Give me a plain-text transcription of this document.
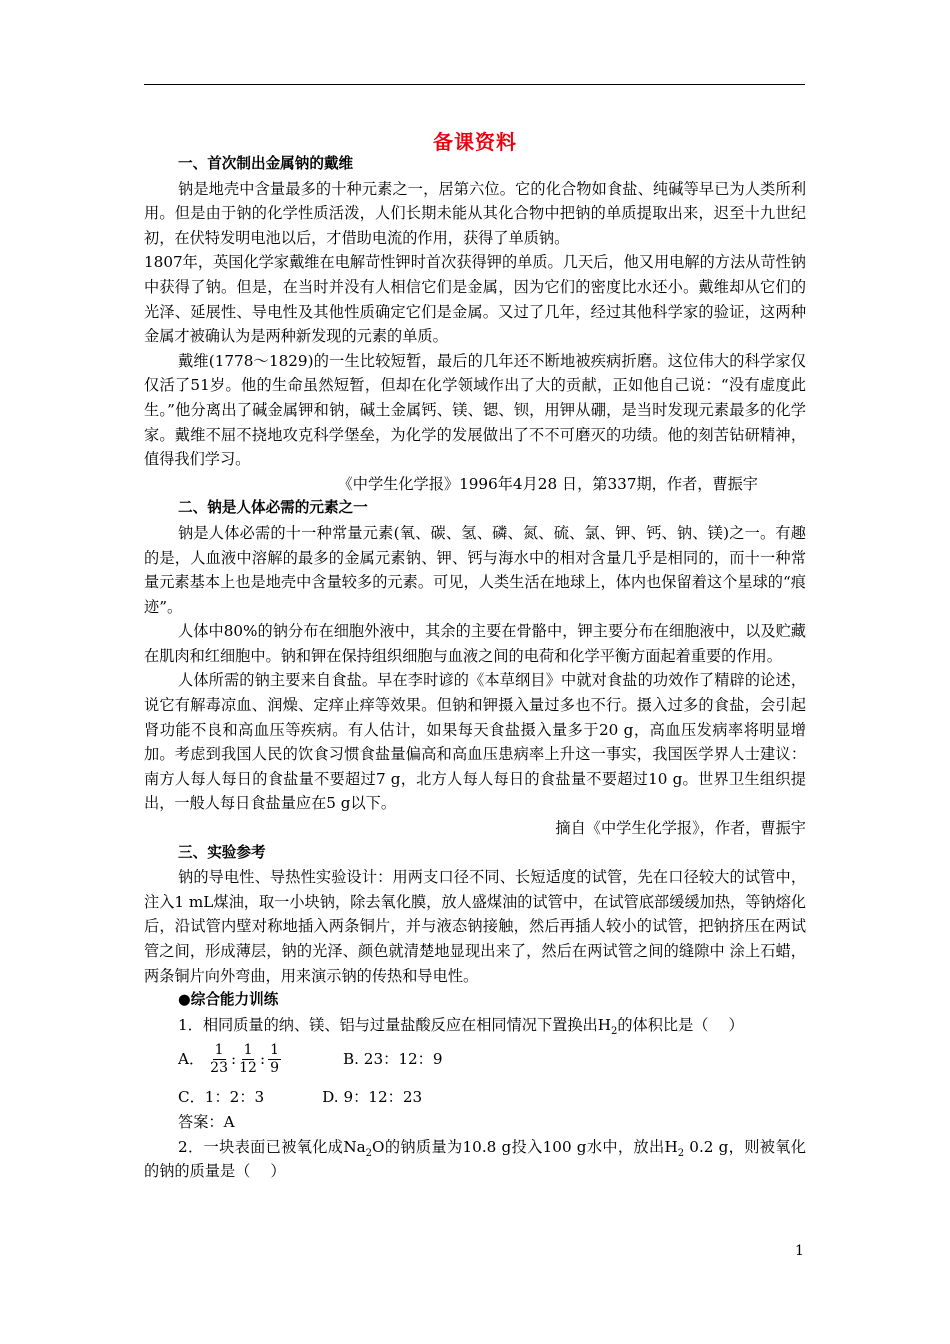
备课资料

一、首次制出金属钠的戴维

钠是地壳中含量最多的十种元素之一，居第六位。它的化合物如食盐、纯碱等早已为人类所利用。但是由于钠的化学性质活泼，人们长期未能从其化合物中把钠的单质提取出来，迟至十九世纪初，在伏特发明电池以后，才借助电流的作用，获得了单质钠。

1807年，英国化学家戴维在电解苛性钾时首次获得钾的单质。几天后，他又用电解的方法从苛性钠中获得了钠。但是，在当时并没有人相信它们是金属，因为它们的密度比水还小。戴维却从它们的光泽、延展性、导电性及其他性质确定它们是金属。又过了几年，经过其他科学家的验证，这两种金属才被确认为是两种新发现的元素的单质。

戴维(1778～1829)的一生比较短暂，最后的几年还不断地被疾病折磨。这位伟大的科学家仅仅活了51岁。他的生命虽然短暂，但却在化学领域作出了大的贡献，正如他自己说：“没有虚度此生。”他分离出了碱金属钾和钠，碱土金属钙、镁、锶、钡，用钾从硼，是当时发现元素最多的化学家。戴维不屈不挠地攻克科学堡垒，为化学的发展做出了不不可磨灭的功绩。他的刻苦钻研精神，值得我们学习。

《中学生化学报》1996年4月28 日，第337期，作者，曹振宇

二、钠是人体必需的元素之一

钠是人体必需的十一种常量元素(氧、碳、氢、磷、氮、硫、氯、钾、钙、钠、镁)之一。有趣的是，人血液中溶解的最多的金属元素钠、钾、钙与海水中的相对含量几乎是相同的，而十一种常量元素基本上也是地壳中含量较多的元素。可见，人类生活在地球上，体内也保留着这个星球的“痕迹”。

人体中80%的钠分布在细胞外液中，其余的主要在骨骼中，钾主要分布在细胞液中，以及贮藏在肌肉和红细胞中。钠和钾在保持组织细胞与血液之间的电荷和化学平衡方面起着重要的作用。

人体所需的钠主要来自食盐。早在李时谚的《本草纲目》中就对食盐的功效作了精辟的论述，说它有解毒凉血、润燥、定痒止痒等效果。但钠和钾摄入量过多也不行。摄入过多的食盐，会引起肾功能不良和高血压等疾病。有人估计，如果每天食盐摄入量多于20 g，高血压发病率将明显增加。考虑到我国人民的饮食习惯食盐量偏高和高血压患病率上升这一事实，我国医学界人士建议：南方人每人每日的食盐量不要超过7 g，北方人每人每日的食盐量不要超过10 g。世界卫生组织提出，一般人每日食盐量应在5 g以下。

摘自《中学生化学报》，作者，曹振宇

三、实验参考

钠的导电性、导热性实验设计：用两支口径不同、长短适度的试管，先在口径较大的试管中，注入1 mL煤油，取一小块钠，除去氧化膜，放人盛煤油的试管中，在试管底部缓缓加热，等钠熔化后，沿试管内壁对称地插入两条铜片，并与液态钠接触，然后再插人较小的试管，把钠挤压在两试管之间，形成薄层，钠的光泽、颜色就清楚地显现出来了，然后在两试管之间的缝隙中 涂上石蜡，两条铜片向外弯曲，用来演示钠的传热和导电性。

●综合能力训练

1．相同质量的纳、镁、铝与过量盐酸反应在相同情况下置换出$H_2$的体积比是（　 ）

A． $\frac{1}{23}$ : $\frac{1}{12}$ : $\frac{1}{9}$	B. 23：12：9

C．1：2：3	D. 9：12：23

答案：A

2．一块表面已被氧化成$Na_2O$的钠质量为10.8 g投入100 g水中，放出$H_2$ 0.2 g，则被氧化的钠的质量是（　 ）

1
